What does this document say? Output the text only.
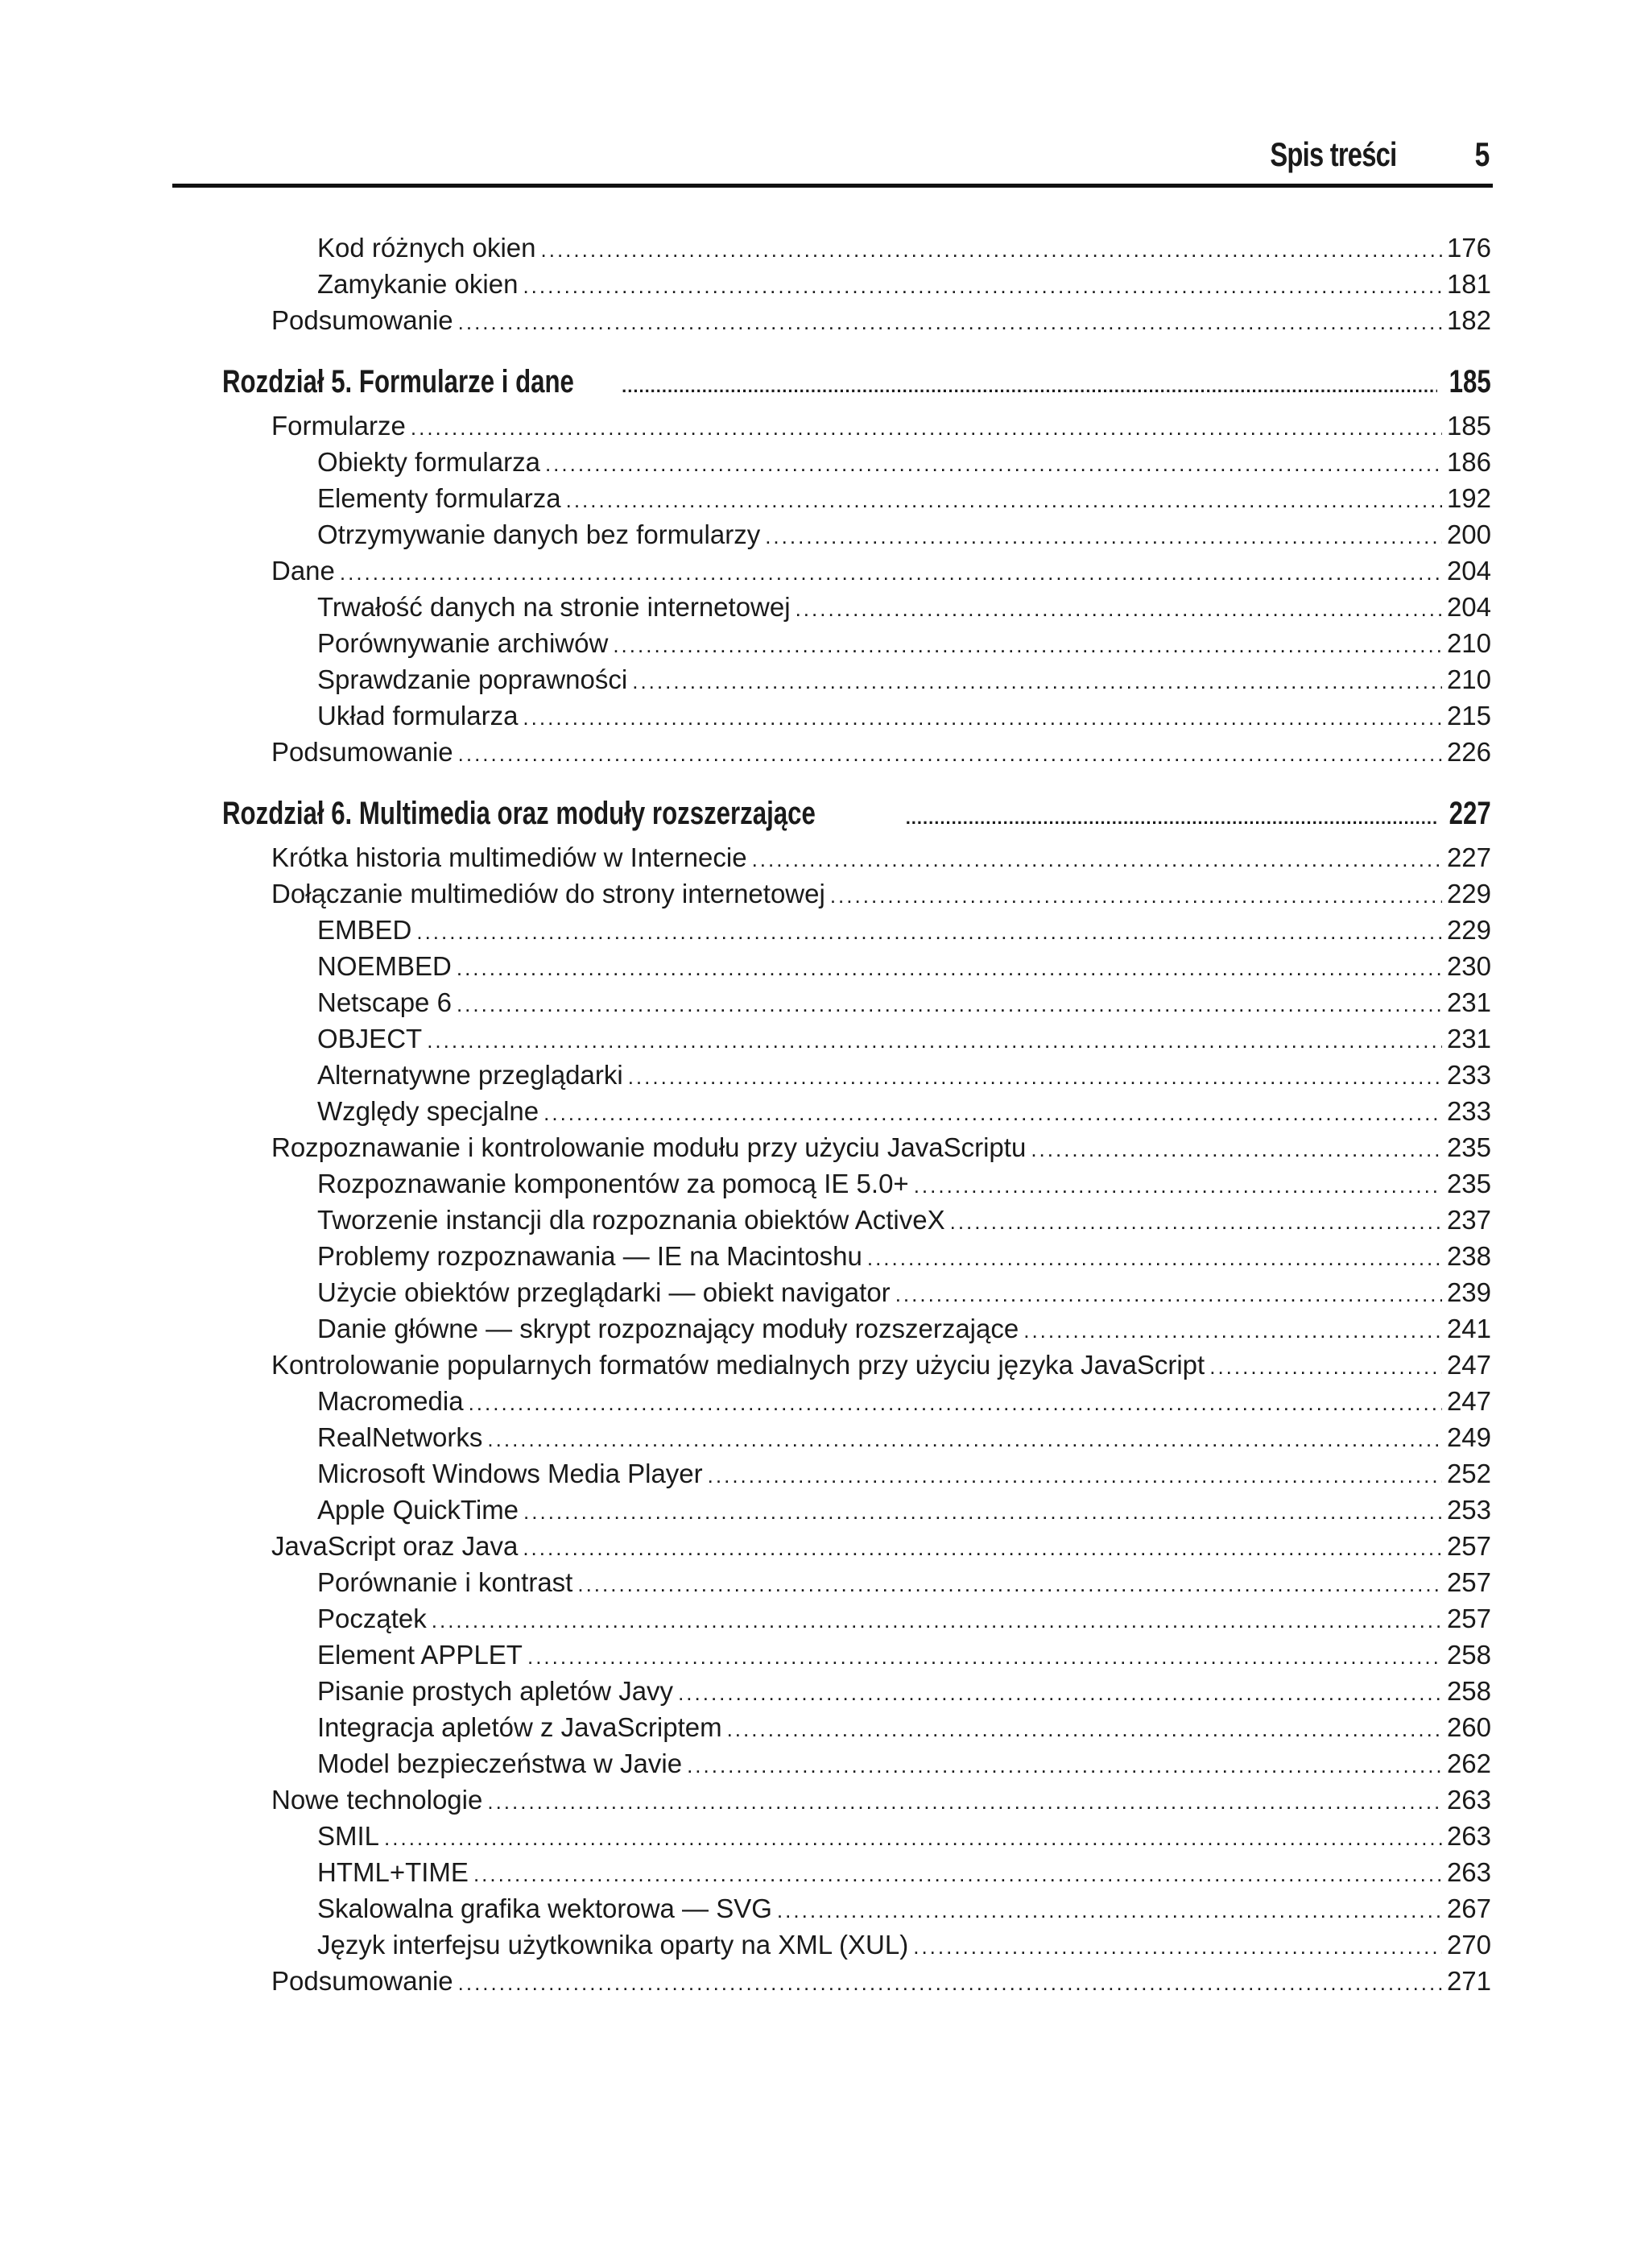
Spis treści 5
Kod różnych okien .....	176
Zamykanie okien .....	181
Podsumowanie .....	182
Rozdział 5. Formularze i dane .....	185
Formularze .....	185
Obiekty formularza .....	186
Elementy formularza .....	192
Otrzymywanie danych bez formularzy .....	200
Dane .....	204
Trwałość danych na stronie internetowej .....	204
Porównywanie archiwów .....	210
Sprawdzanie poprawności .....	210
Układ formularza .....	215
Podsumowanie .....	226
Rozdział 6. Multimedia oraz moduły rozszerzające .....	227
Krótka historia multimediów w Internecie .....	227
Dołączanie multimediów do strony internetowej .....	229
EMBED .....	229
NOEMBED .....	230
Netscape 6 .....	231
OBJECT .....	231
Alternatywne przeglądarki .....	233
Względy specjalne .....	233
Rozpoznawanie i kontrolowanie modułu przy użyciu JavaScriptu .....	235
Rozpoznawanie komponentów za pomocą IE 5.0+ .....	235
Tworzenie instancji dla rozpoznania obiektów ActiveX .....	237
Problemy rozpoznawania — IE na Macintoshu .....	238
Użycie obiektów przeglądarki — obiekt navigator .....	239
Danie główne — skrypt rozpoznający moduły rozszerzające .....	241
Kontrolowanie popularnych formatów medialnych przy użyciu języka JavaScript .....	247
Macromedia .....	247
RealNetworks .....	249
Microsoft Windows Media Player .....	252
Apple QuickTime .....	253
JavaScript oraz Java .....	257
Porównanie i kontrast .....	257
Początek .....	257
Element APPLET .....	258
Pisanie prostych apletów Javy .....	258
Integracja apletów z JavaScriptem .....	260
Model bezpieczeństwa w Javie .....	262
Nowe technologie .....	263
SMIL .....	263
HTML+TIME .....	263
Skalowalna grafika wektorowa — SVG .....	267
Język interfejsu użytkownika oparty na XML (XUL) .....	270
Podsumowanie .....	271
